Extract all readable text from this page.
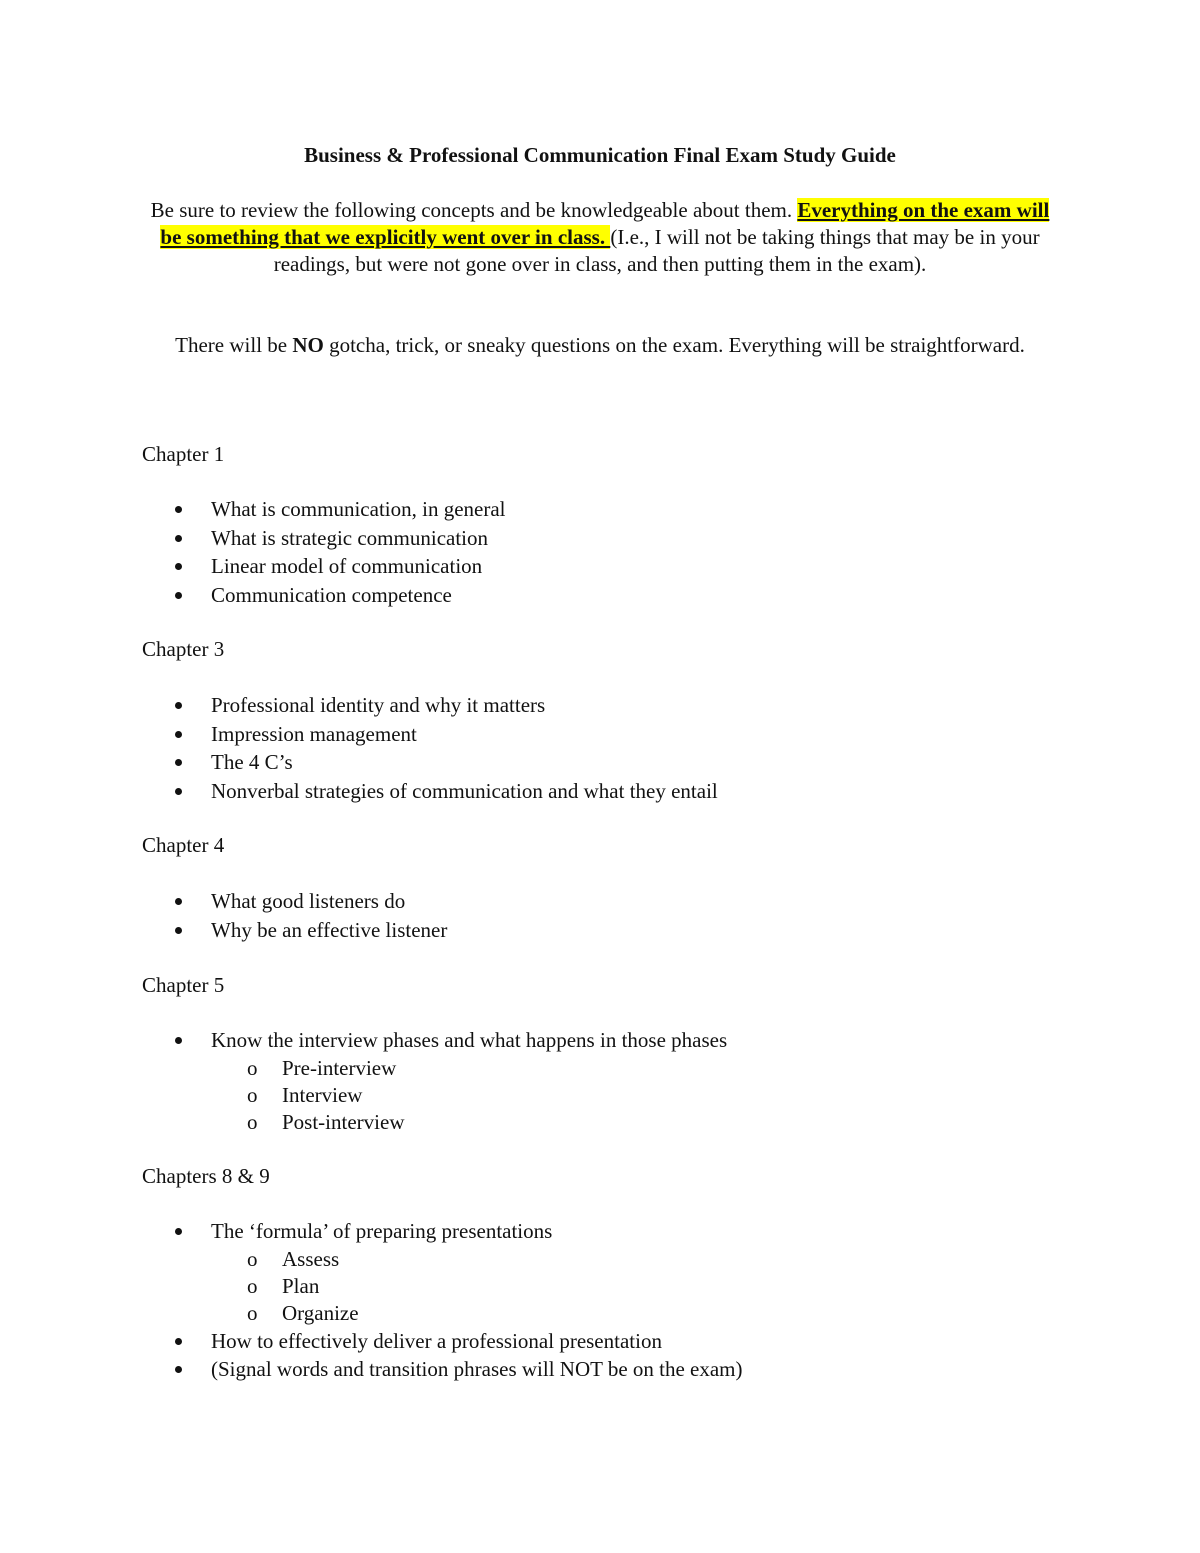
Business & Professional Communication Final Exam Study Guide
Be sure to review the following concepts and be knowledgeable about them. Everything on the exam will be something that we explicitly went over in class. (I.e., I will not be taking things that may be in your readings, but were not gone over in class, and then putting them in the exam).
There will be NO gotcha, trick, or sneaky questions on the exam. Everything will be straightforward.
Chapter 1
What is communication, in general
What is strategic communication
Linear model of communication
Communication competence
Chapter 3
Professional identity and why it matters
Impression management
The 4 C’s
Nonverbal strategies of communication and what they entail
Chapter 4
What good listeners do
Why be an effective listener
Chapter 5
Know the interview phases and what happens in those phases
o Pre-interview
o Interview
o Post-interview
Chapters 8 & 9
The ‘formula’ of preparing presentations
o Assess
o Plan
o Organize
How to effectively deliver a professional presentation
(Signal words and transition phrases will NOT be on the exam)
